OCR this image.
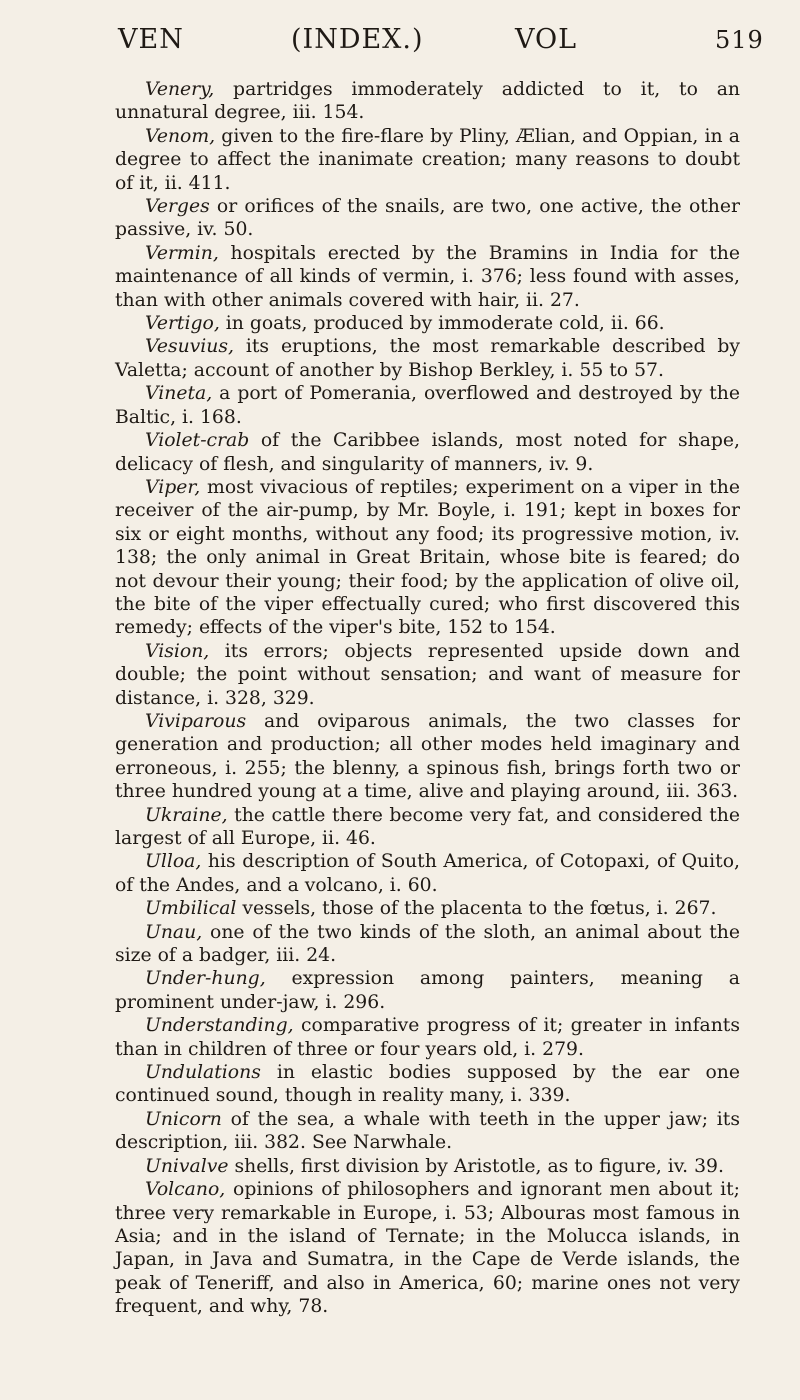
VEN	(INDEX.)	VOL	519

Venery, partridges immoderately addicted to it, to an unnatural degree, iii. 154.

Venom, given to the fire-flare by Pliny, Ælian, and Oppian, in a degree to affect the inanimate creation; many reasons to doubt of it, ii. 411.

Verges or orifices of the snails, are two, one active, the other passive, iv. 50.

Vermin, hospitals erected by the Bramins in India for the maintenance of all kinds of vermin, i. 376; less found with asses, than with other animals covered with hair, ii. 27.

Vertigo, in goats, produced by immoderate cold, ii. 66.

Vesuvius, its eruptions, the most remarkable described by Valetta; account of another by Bishop Berkley, i. 55 to 57.

Vineta, a port of Pomerania, overflowed and destroyed by the Baltic, i. 168.

Violet-crab of the Caribbee islands, most noted for shape, delicacy of flesh, and singularity of manners, iv. 9.

Viper, most vivacious of reptiles; experiment on a viper in the receiver of the air-pump, by Mr. Boyle, i. 191; kept in boxes for six or eight months, without any food; its progressive motion, iv. 138; the only animal in Great Britain, whose bite is feared; do not devour their young; their food; by the application of olive oil, the bite of the viper effectually cured; who first discovered this remedy; effects of the viper's bite, 152 to 154.

Vision, its errors; objects represented upside down and double; the point without sensation; and want of measure for distance, i. 328, 329.

Viviparous and oviparous animals, the two classes for generation and production; all other modes held imaginary and erroneous, i. 255; the blenny, a spinous fish, brings forth two or three hundred young at a time, alive and playing around, iii. 363.

Ukraine, the cattle there become very fat, and considered the largest of all Europe, ii. 46.

Ulloa, his description of South America, of Cotopaxi, of Quito, of the Andes, and a volcano, i. 60.

Umbilical vessels, those of the placenta to the fœtus, i. 267.

Unau, one of the two kinds of the sloth, an animal about the size of a badger, iii. 24.

Under-hung, expression among painters, meaning a prominent under-jaw, i. 296.

Understanding, comparative progress of it; greater in infants than in children of three or four years old, i. 279.

Undulations in elastic bodies supposed by the ear one continued sound, though in reality many, i. 339.

Unicorn of the sea, a whale with teeth in the upper jaw; its description, iii. 382. See Narwhale.

Univalve shells, first division by Aristotle, as to figure, iv. 39.

Volcano, opinions of philosophers and ignorant men about it; three very remarkable in Europe, i. 53; Albouras most famous in Asia; and in the island of Ternate; in the Molucca islands, in Japan, in Java and Sumatra, in the Cape de Verde islands, the peak of Teneriff, and also in America, 60; marine ones not very frequent, and why, 78.
